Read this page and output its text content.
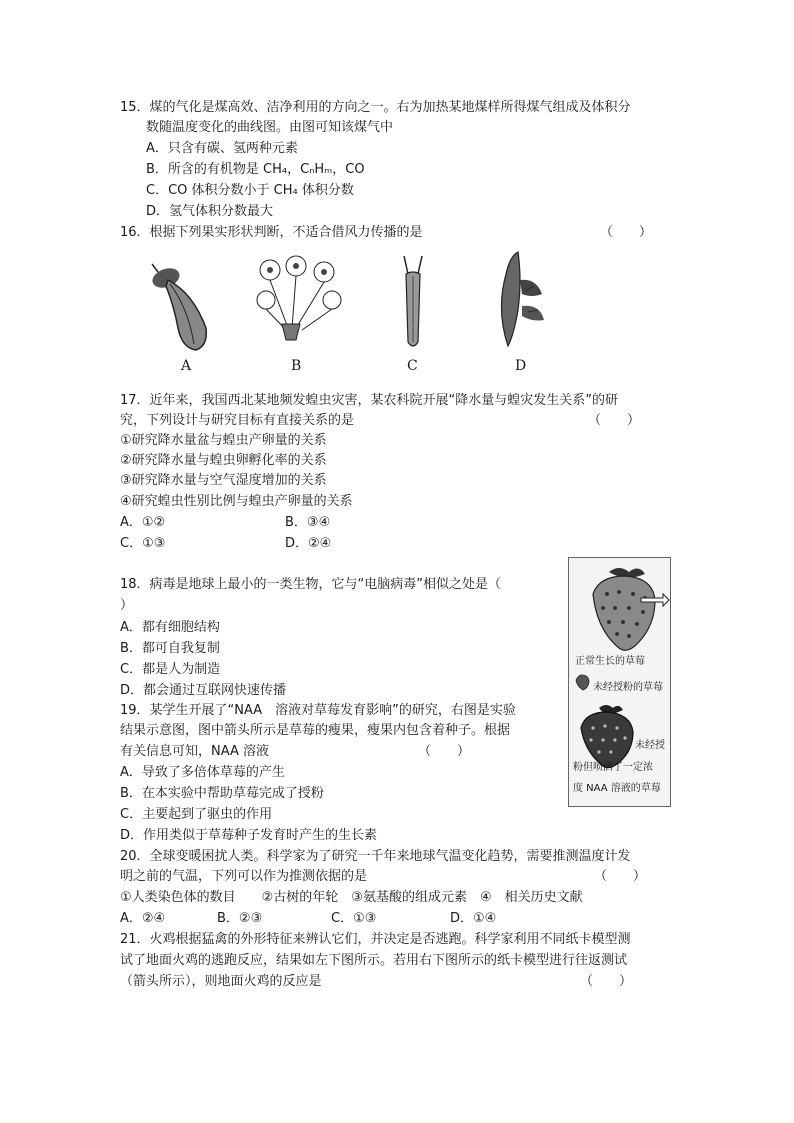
15．煤的气化是煤高效、洁净利用的方向之一。右为加热某地煤样所得煤气组成及体积分
数随温度变化的曲线图。由图可知该煤气中
A．只含有碳、氢两种元素
B．所含的有机物是 CH₄，CₙHₘ，CO
C．CO 体积分数小于 CH₄ 体积分数
D．氢气体积分数最大
16．根据下列果实形状判断，不适合借风力传播的是	（　　）
A	B	C	D
17．近年来，我国西北某地频发蝗虫灾害，某农科院开展“降水量与蝗灾发生关系”的研
究，下列设计与研究目标有直接关系的是	（　　）
①研究降水量盆与蝗虫产卵量的关系
②研究降水量与蝗虫卵孵化率的关系
③研究降水量与空气湿度增加的关系
④研究蝗虫性别比例与蝗虫产卵量的关系
A．①②	B．③④
C．①③	D．②④
18．病毒是地球上最小的一类生物，它与“电脑病毒”相似之处是（
）
A．都有细胞结构
B．都可自我复制
C．都是人为制造
D．都会通过互联网快速传播
19．某学生开展了“NAA　溶液对草莓发育影响”的研究，右图是实验
结果示意图，图中箭头所示是草莓的瘦果，瘦果内包含着种子。根据
有关信息可知，NAA 溶液	（　　）
A．导致了多倍体草莓的产生
B．在本实验中帮助草莓完成了授粉
C．主要起到了驱虫的作用
D．作用类似于草莓种子发育时产生的生长素
正常生长的草莓
未经授粉的草莓
未经授
粉但喷洒了一定浓
度 NAA 溶液的草莓
20．全球变暖困扰人类。科学家为了研究一千年来地球气温变化趋势，需要推测温度计发
明之前的气温，下列可以作为推测依据的是	（　　）
①人类染色体的数目　　②古树的年轮　③氨基酸的组成元素　④　相关历史文献
A．②④	B．②③	C．①③	D．①④
21．火鸡根据猛禽的外形特征来辨认它们，并决定是否逃跑。科学家利用不同纸卡模型测
试了地面火鸡的逃跑反应，结果如左下图所示。若用右下图所示的纸卡模型进行往返测试
（箭头所示），则地面火鸡的反应是	（　　）
